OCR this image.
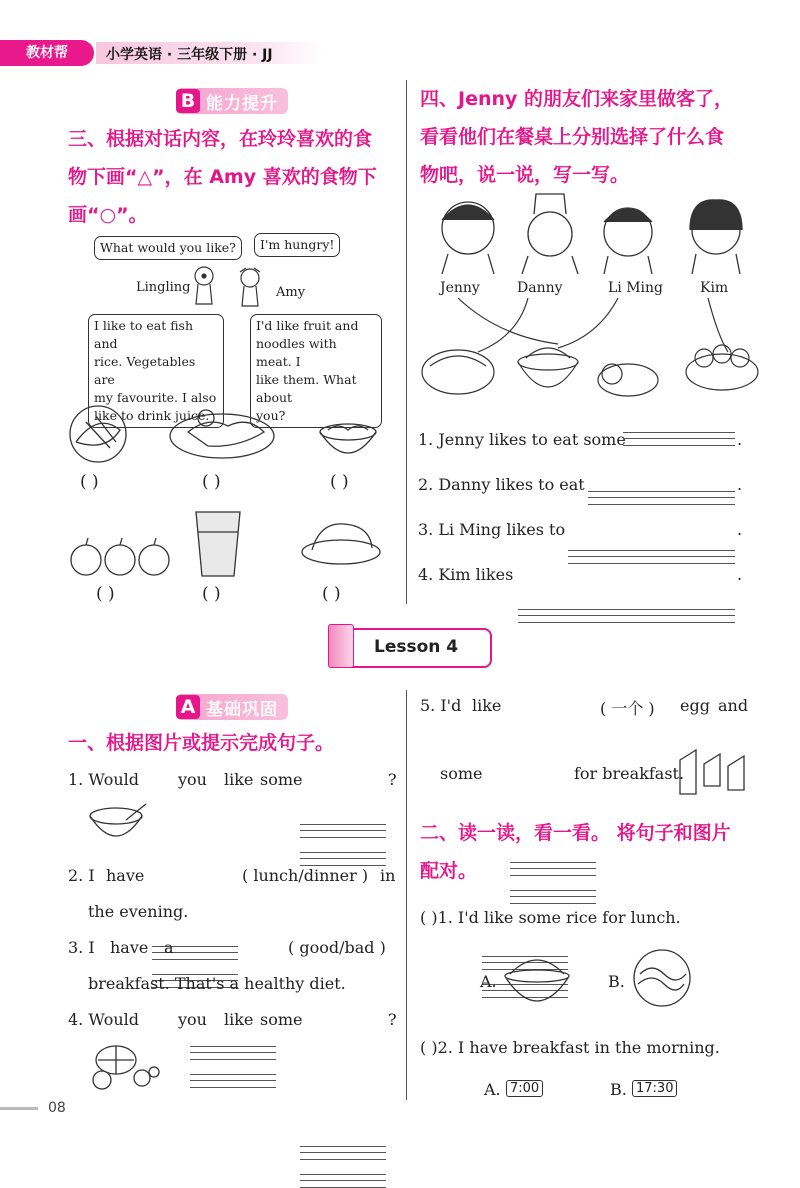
教材帮	小学英语 · 三年级下册 · JJ
B 能力提升
三、根据对话内容，在玲玲喜欢的食
物下画“△”，在 Amy 喜欢的食物下
画“○”。
What would you like?	I'm hungry!
Lingling	Amy
I like to eat fish and
rice. Vegetables are
my favourite. I also
like to drink juice.
I'd like fruit and
noodles with meat. I
like them. What about
you?
( )	( )	( )
( )	( )	( )
四、Jenny 的朋友们来家里做客了，
看看他们在餐桌上分别选择了什么食
物吧，说一说，写一写。
Jenny	Danny	Li Ming	Kim
1. Jenny likes to eat some	.
2. Danny likes to eat	.
3. Li Ming likes to	.
4. Kim likes	.
Lesson 4
A 基础巩固
一、根据图片或提示完成句子。
1. Would you like some	?
2. I have	( lunch/dinner ) in
the evening.
3. I have a	( good/bad )
breakfast. That's a healthy diet.
4. Would you like some	?
5. I'd like	( 一个 ) egg and
some	for breakfast.
二、读一读，看一看。 将句子和图片
配对。
( )1. I'd like some rice for lunch.
A.	B.
( )2. I have breakfast in the morning.
A. 7:00	B. 17:30
08
